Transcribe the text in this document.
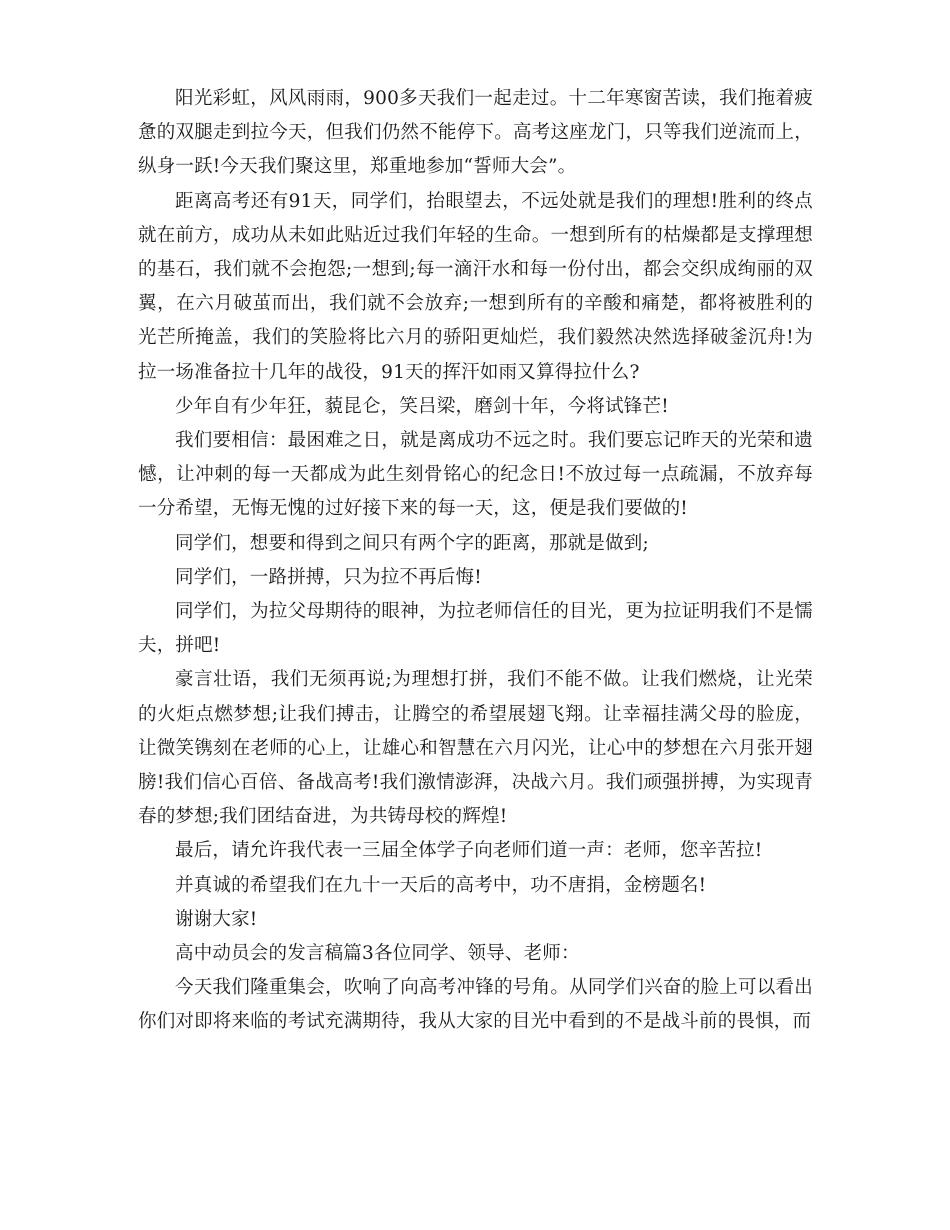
阳光彩虹，风风雨雨，900多天我们一起走过。十二年寒窗苦读，我们拖着疲惫的双腿走到拉今天，但我们仍然不能停下。高考这座龙门，只等我们逆流而上，纵身一跃!今天我们聚这里，郑重地参加“誓师大会”。

距离高考还有91天，同学们，抬眼望去，不远处就是我们的理想!胜利的终点就在前方，成功从未如此贴近过我们年轻的生命。一想到所有的枯燥都是支撑理想的基石，我们就不会抱怨;一想到;每一滴汗水和每一份付出，都会交织成绚丽的双翼，在六月破茧而出，我们就不会放弃;一想到所有的辛酸和痛楚，都将被胜利的光芒所掩盖，我们的笑脸将比六月的骄阳更灿烂，我们毅然决然选择破釜沉舟!为拉一场准备拉十几年的战役，91天的挥汗如雨又算得拉什么?

少年自有少年狂，藐昆仑，笑吕梁，磨剑十年，今将试锋芒!

我们要相信：最困难之日，就是离成功不远之时。我们要忘记昨天的光荣和遗憾，让冲刺的每一天都成为此生刻骨铭心的纪念日!不放过每一点疏漏，不放弃每一分希望，无悔无愧的过好接下来的每一天，这，便是我们要做的!

同学们，想要和得到之间只有两个字的距离，那就是做到;

同学们，一路拼搏，只为拉不再后悔!

同学们，为拉父母期待的眼神，为拉老师信任的目光，更为拉证明我们不是懦夫，拼吧!

豪言壮语，我们无须再说;为理想打拼，我们不能不做。让我们燃烧，让光荣的火炬点燃梦想;让我们搏击，让腾空的希望展翅飞翔。让幸福挂满父母的脸庞，让微笑镌刻在老师的心上，让雄心和智慧在六月闪光，让心中的梦想在六月张开翅膀!我们信心百倍、备战高考!我们激情澎湃，决战六月。我们顽强拼搏，为实现青春的梦想;我们团结奋进，为共铸母校的辉煌!

最后，请允许我代表一三届全体学子向老师们道一声：老师，您辛苦拉!

并真诚的希望我们在九十一天后的高考中，功不唐捐，金榜题名!

谢谢大家!

高中动员会的发言稿篇3各位同学、领导、老师：

今天我们隆重集会，吹响了向高考冲锋的号角。从同学们兴奋的脸上可以看出你们对即将来临的考试充满期待，我从大家的目光中看到的不是战斗前的畏惧，而
